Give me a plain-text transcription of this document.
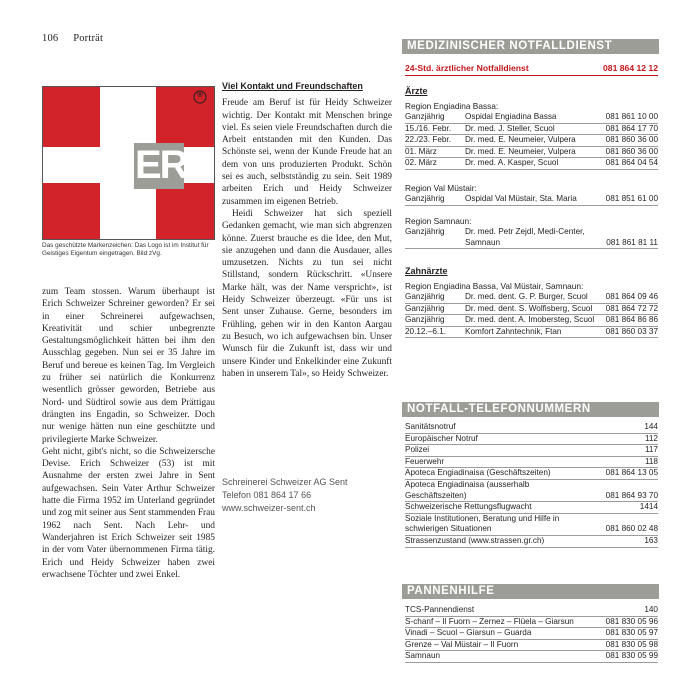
106 Porträt
®
ER
Das geschützte Markenzeichen: Das Logo ist im Institut für Geistiges Eigentum eingetragen. Bild zVg.

zum Team stossen. Warum überhaupt ist Erich Schweizer Schreiner geworden? Er sei in einer Schreinerei aufgewachsen, Kreativität und schier unbegrenzte Gestaltungsmöglichkeit hätten bei ihm den Ausschlag gegeben. Nun sei er 35 Jahre im Beruf und bereue es keinen Tag. Im Vergleich zu früher sei natürlich die Konkurrenz wesentlich grösser geworden, Betriebe aus Nord- und Südtirol sowie aus dem Prättigau drängten ins Engadin, so Schweizer. Doch nur wenige hätten nun eine geschützte und privilegierte Marke Schweizer.

Geht nicht, gibt's nicht, so die Schweizersche Devise. Erich Schweizer (53) ist mit Ausnahme der ersten zwei Jahre in Sent aufgewachsen. Sein Vater Arthur Schweizer hatte die Firma 1952 im Unterland gegründet und zog mit seiner aus Sent stammenden Frau 1962 nach Sent. Nach Lehr- und Wanderjahren ist Erich Schweizer seit 1985 in der vom Vater übernommenen Firma tätig. Erich und Heidy Schweizer haben zwei erwachsene Töchter und zwei Enkel.

Viel Kontakt und Freundschaften

Freude am Beruf ist für Heidy Schweizer wichtig. Der Kontakt mit Menschen bringe viel. Es seien viele Freundschaften durch die Arbeit entstanden mit den Kunden. Das Schönste sei, wenn der Kunde Freude hat an dem von uns produzierten Produkt. Schön sei es auch, selbstständig zu sein. Seit 1989 arbeiten Erich und Heidy Schweizer zusammen im eigenen Betrieb.

Heidi Schweizer hat sich speziell Gedanken gemacht, wie man sich abgrenzen könne. Zuerst brauche es die Idee, den Mut, sie anzugehen und dann die Ausdauer, alles umzusetzen. Nichts zu tun sei nicht Stillstand, sondern Rückschritt. «Unsere Marke hält, was der Name verspricht», ist Heidy Schweizer überzeugt. «Für uns ist Sent unser Zuhause. Gerne, besonders im Frühling, gehen wir in den Kanton Aargau zu Besuch, wo ich aufgewachsen bin. Unser Wunsch für die Zukunft ist, dass wir und unsere Kinder und Enkelkinder eine Zukunft haben in unserem Tal», so Heidy Schweizer.

Schreinerei Schweizer AG Sent
Telefon 081 864 17 66
www.schweizer-sent.ch
MEDIZINISCHER NOTFALLDIENST
24-Std. ärztlicher Notfalldienst	081 864 12 12
Ärzte
Region Engiadina Bassa:
Ganzjährig	Ospidal Engiadina Bassa	081 861 10 00
15./16. Febr.	Dr. med. J. Steller, Scuol	081 864 17 70
22./23. Febr.	Dr. med. E. Neumeier, Vulpera	081 860 36 00
01. März	Dr. med. E. Neumeier, Vulpera	081 860 36 00
02. März	Dr. med. A. Kasper, Scuol	081 864 04 54
Region Val Müstair:
Ganzjährig	Ospidal Val Müstair, Sta. Maria	081 851 61 00
Region Samnaun:
Ganzjährig	Dr. med. Petr Zejdl, Medi-Center, Samnaun	081 861 81 11
Zahnärzte
Region Engiadina Bassa, Val Müstair, Samnaun:
Ganzjährig	Dr. med. dent. G. P. Burger, Scuol	081 864 09 46
Ganzjährig	Dr. med. dent. S. Wolfisberg, Scuol	081 864 72 72
Ganzjährig	Dr. med. dent. A. Imobersteg, Scuol	081 864 86 86
20.12.–6.1.	Komfort Zahntechnik, Ftan	081 860 03 37
NOTFALL-TELEFONNUMMERN
Sanitätsnotruf	144
Europäischer Notruf	112
Polizei	117
Feuerwehr	118
Apoteca Engiadinaisa (Geschäftszeiten)	081 864 13 05
Apoteca Engiadinaisa (ausserhalb Geschäftszeiten)	081 864 93 70
Schweizerische Rettungsflugwacht	1414
Soziale Institutionen, Beratung und Hilfe in schwierigen Situationen	081 860 02 48
Strassenzustand (www.strassen.gr.ch)	163
PANNENHILFE
TCS-Pannendienst	140
S-chanf – Il Fuorn – Zernez – Flüela – Giarsun	081 830 05 96
Vinadi – Scuol – Giarsun – Guarda	081 830 05 97
Grenze – Val Müstair – Il Fuorn	081 830 05 98
Samnaun	081 830 05 99
